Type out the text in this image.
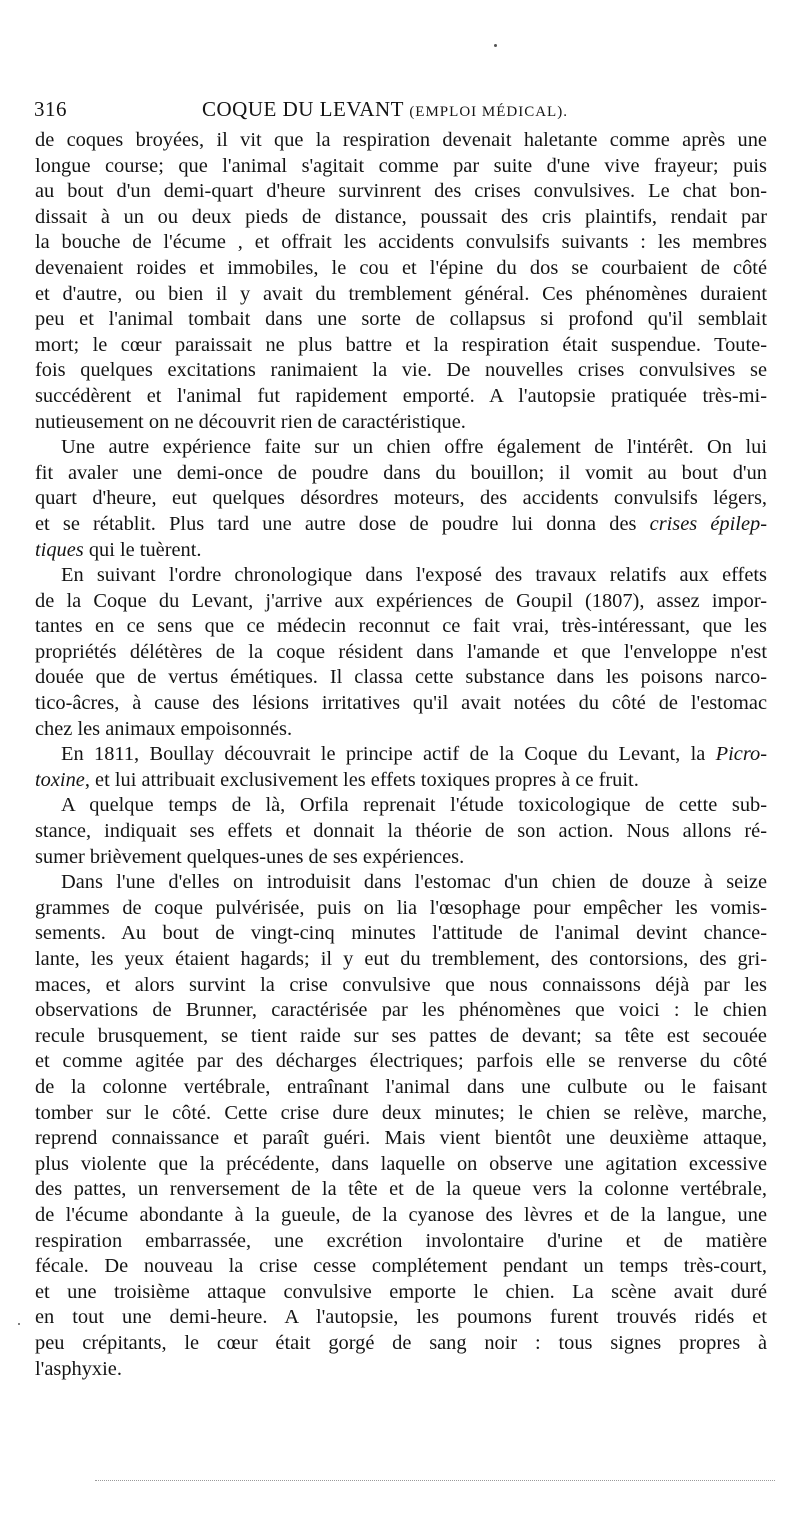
316	COQUE DU LEVANT (EMPLOI MÉDICAL).

de coques broyées, il vit que la respiration devenait haletante comme après une
longue course; que l'animal s'agitait comme par suite d'une vive frayeur; puis
au bout d'un demi-quart d'heure survinrent des crises convulsives. Le chat bon-
dissait à un ou deux pieds de distance, poussait des cris plaintifs, rendait par
la bouche de l'écume , et offrait les accidents convulsifs suivants : les membres
devenaient roides et immobiles, le cou et l'épine du dos se courbaient de côté
et d'autre, ou bien il y avait du tremblement général. Ces phénomènes duraient
peu et l'animal tombait dans une sorte de collapsus si profond qu'il semblait
mort; le cœur paraissait ne plus battre et la respiration était suspendue. Toute-
fois quelques excitations ranimaient la vie. De nouvelles crises convulsives se
succédèrent et l'animal fut rapidement emporté. A l'autopsie pratiquée très-mi-
nutieusement on ne découvrit rien de caractéristique.

Une autre expérience faite sur un chien offre également de l'intérêt. On lui
fit avaler une demi-once de poudre dans du bouillon; il vomit au bout d'un
quart d'heure, eut quelques désordres moteurs, des accidents convulsifs légers,
et se rétablit. Plus tard une autre dose de poudre lui donna des crises épilep-
tiques qui le tuèrent.

En suivant l'ordre chronologique dans l'exposé des travaux relatifs aux effets
de la Coque du Levant, j'arrive aux expériences de Goupil (1807), assez impor-
tantes en ce sens que ce médecin reconnut ce fait vrai, très-intéressant, que les
propriétés délétères de la coque résident dans l'amande et que l'enveloppe n'est
douée que de vertus émétiques. Il classa cette substance dans les poisons narco-
tico-âcres, à cause des lésions irritatives qu'il avait notées du côté de l'estomac
chez les animaux empoisonnés.

En 1811, Boullay découvrait le principe actif de la Coque du Levant, la Picro-
toxine, et lui attribuait exclusivement les effets toxiques propres à ce fruit.

A quelque temps de là, Orfila reprenait l'étude toxicologique de cette sub-
stance, indiquait ses effets et donnait la théorie de son action. Nous allons ré-
sumer brièvement quelques-unes de ses expériences.

Dans l'une d'elles on introduisit dans l'estomac d'un chien de douze à seize
grammes de coque pulvérisée, puis on lia l'œsophage pour empêcher les vomis-
sements. Au bout de vingt-cinq minutes l'attitude de l'animal devint chance-
lante, les yeux étaient hagards; il y eut du tremblement, des contorsions, des gri-
maces, et alors survint la crise convulsive que nous connaissons déjà par les
observations de Brunner, caractérisée par les phénomènes que voici : le chien
recule brusquement, se tient raide sur ses pattes de devant; sa tête est secouée
et comme agitée par des décharges électriques; parfois elle se renverse du côté
de la colonne vertébrale, entraînant l'animal dans une culbute ou le faisant
tomber sur le côté. Cette crise dure deux minutes; le chien se relève, marche,
reprend connaissance et paraît guéri. Mais vient bientôt une deuxième attaque,
plus violente que la précédente, dans laquelle on observe une agitation excessive
des pattes, un renversement de la tête et de la queue vers la colonne vertébrale,
de l'écume abondante à la gueule, de la cyanose des lèvres et de la langue, une
respiration embarrassée, une excrétion involontaire d'urine et de matière
fécale. De nouveau la crise cesse complétement pendant un temps très-court,
et une troisième attaque convulsive emporte le chien. La scène avait duré
en tout une demi-heure. A l'autopsie, les poumons furent trouvés ridés et
peu crépitants, le cœur était gorgé de sang noir : tous signes propres à
l'asphyxie.
